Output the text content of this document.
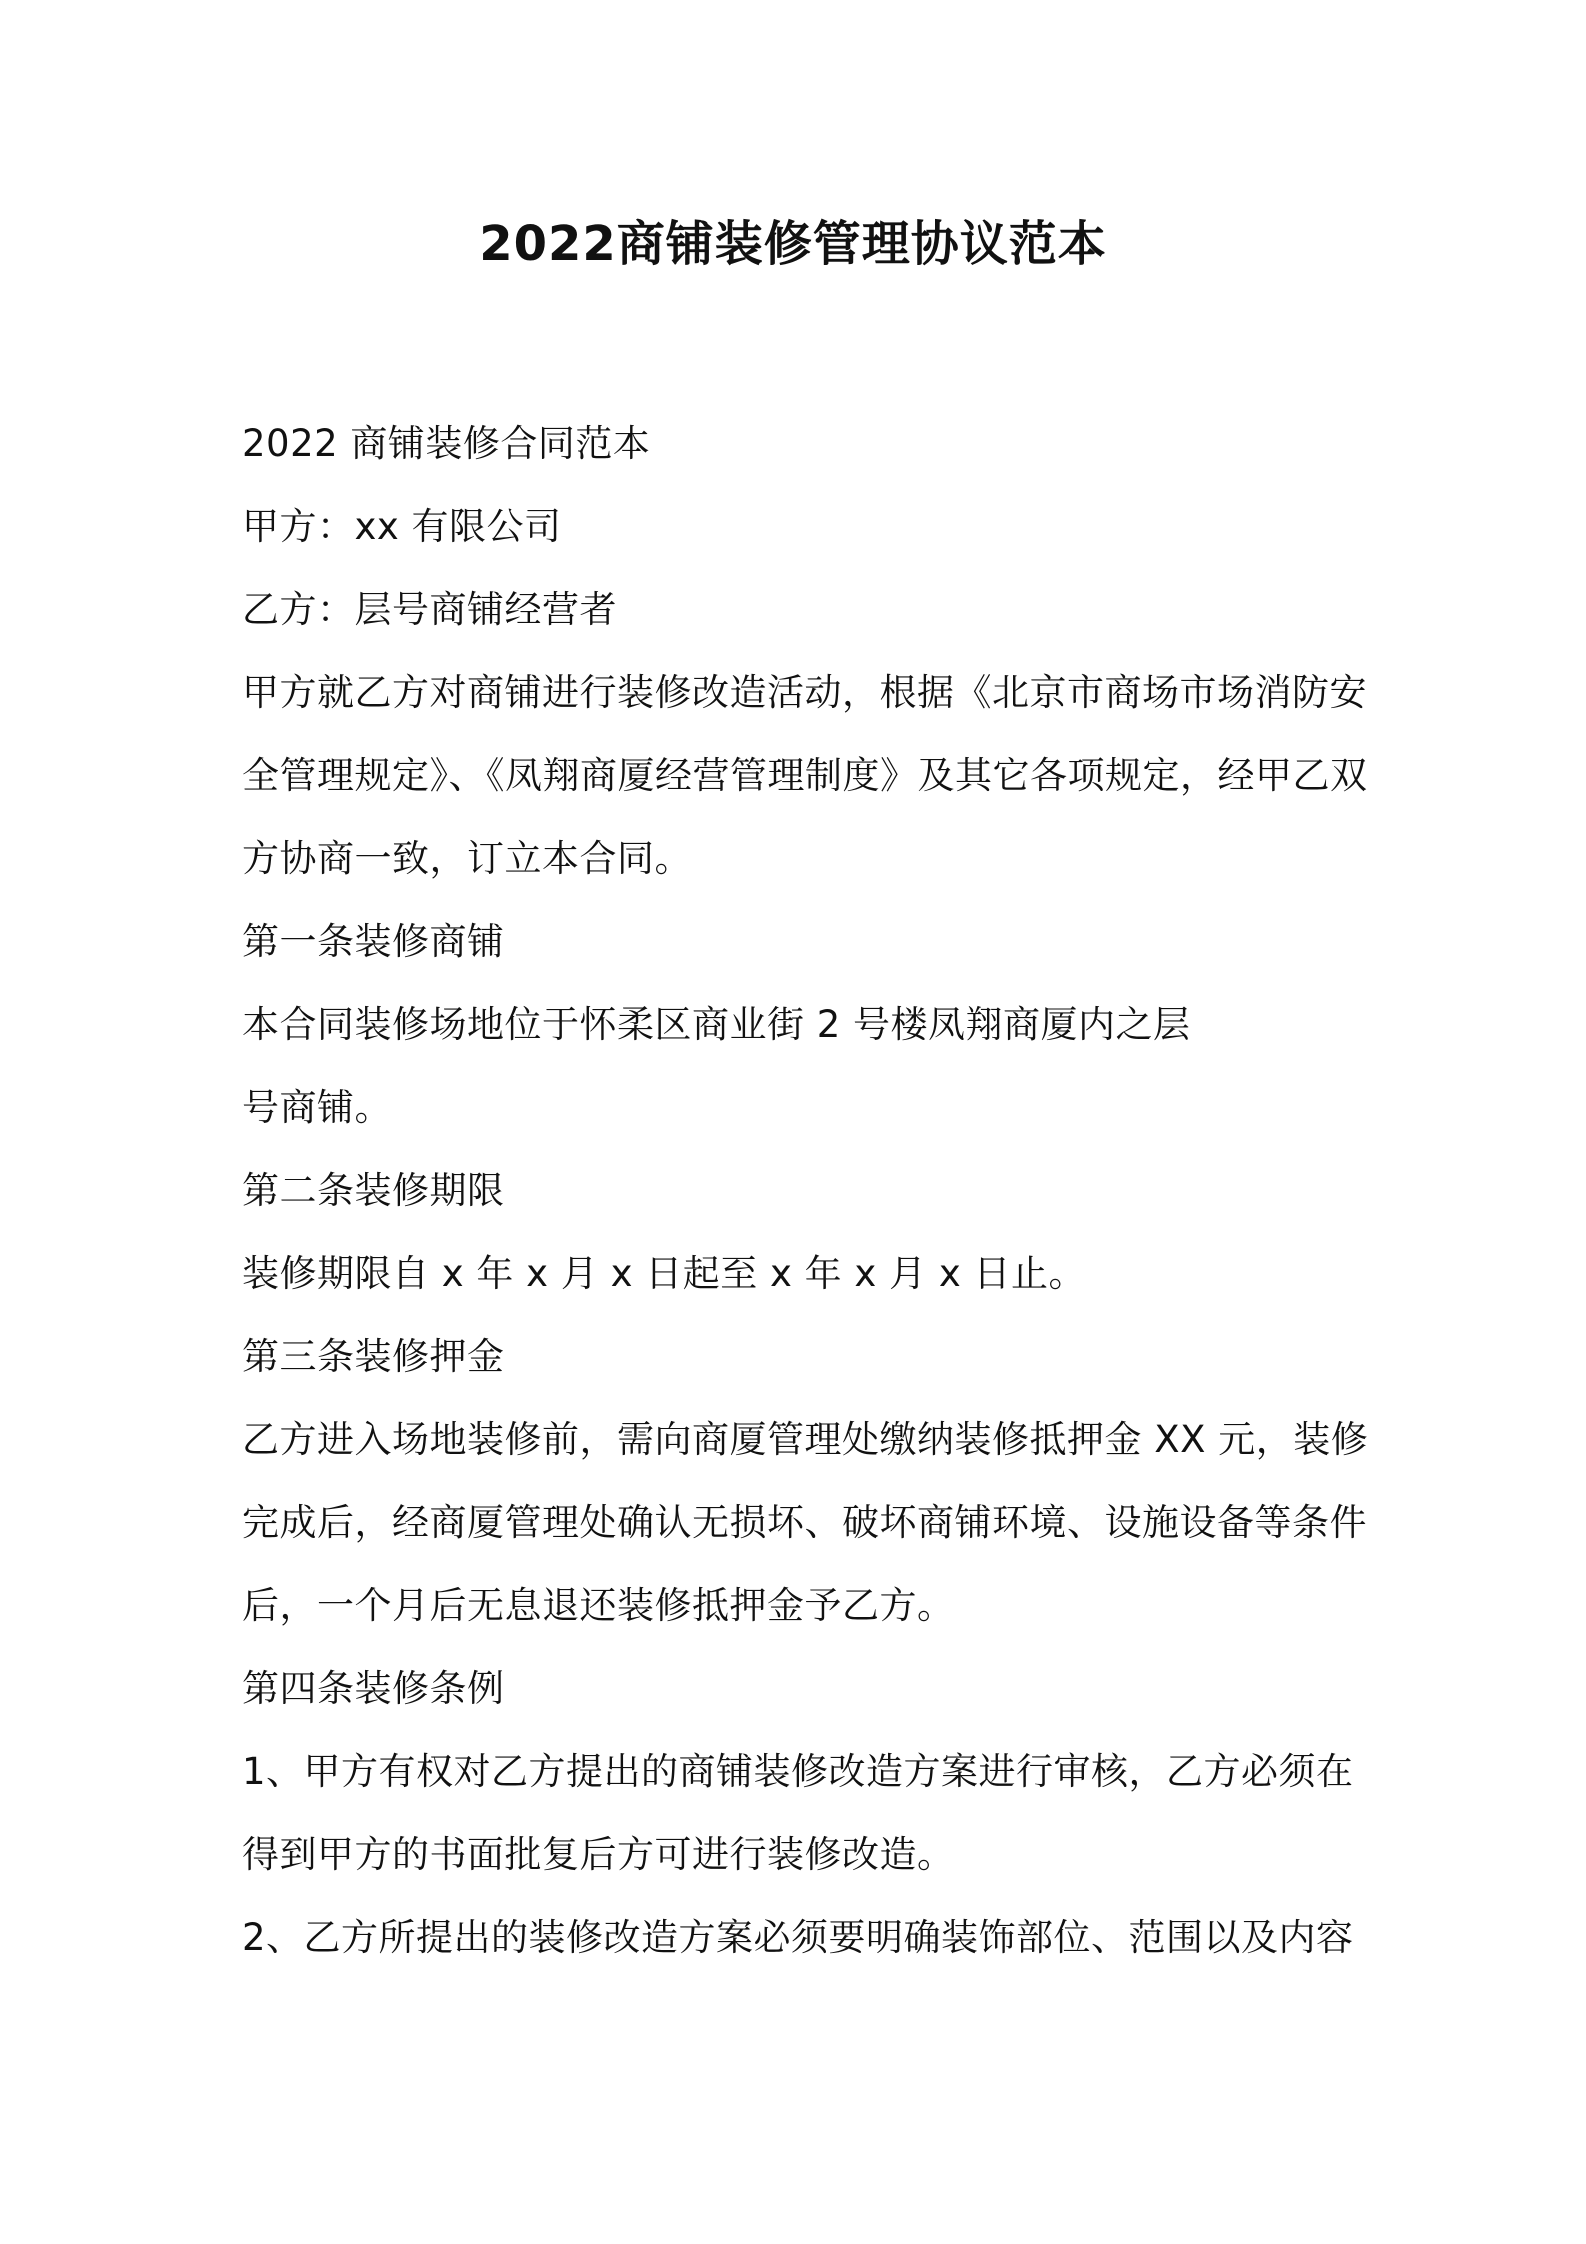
2022商铺装修管理协议范本
2022 商铺装修合同范本
甲方：xx 有限公司
乙方：层号商铺经营者
甲方就乙方对商铺进行装修改造活动，根据《北京市商场市场消防安
全管理规定》、《凤翔商厦经营管理制度》及其它各项规定，经甲乙双
方协商一致，订立本合同。
第一条装修商铺
本合同装修场地位于怀柔区商业街 2 号楼凤翔商厦内之层
号商铺。
第二条装修期限
装修期限自 x 年 x 月 x 日起至 x 年 x 月 x 日止。
第三条装修押金
乙方进入场地装修前，需向商厦管理处缴纳装修抵押金 XX 元，装修
完成后，经商厦管理处确认无损坏、破坏商铺环境、设施设备等条件
后，一个月后无息退还装修抵押金予乙方。
第四条装修条例
1、甲方有权对乙方提出的商铺装修改造方案进行审核，乙方必须在
得到甲方的书面批复后方可进行装修改造。
2、乙方所提出的装修改造方案必须要明确装饰部位、范围以及内容
